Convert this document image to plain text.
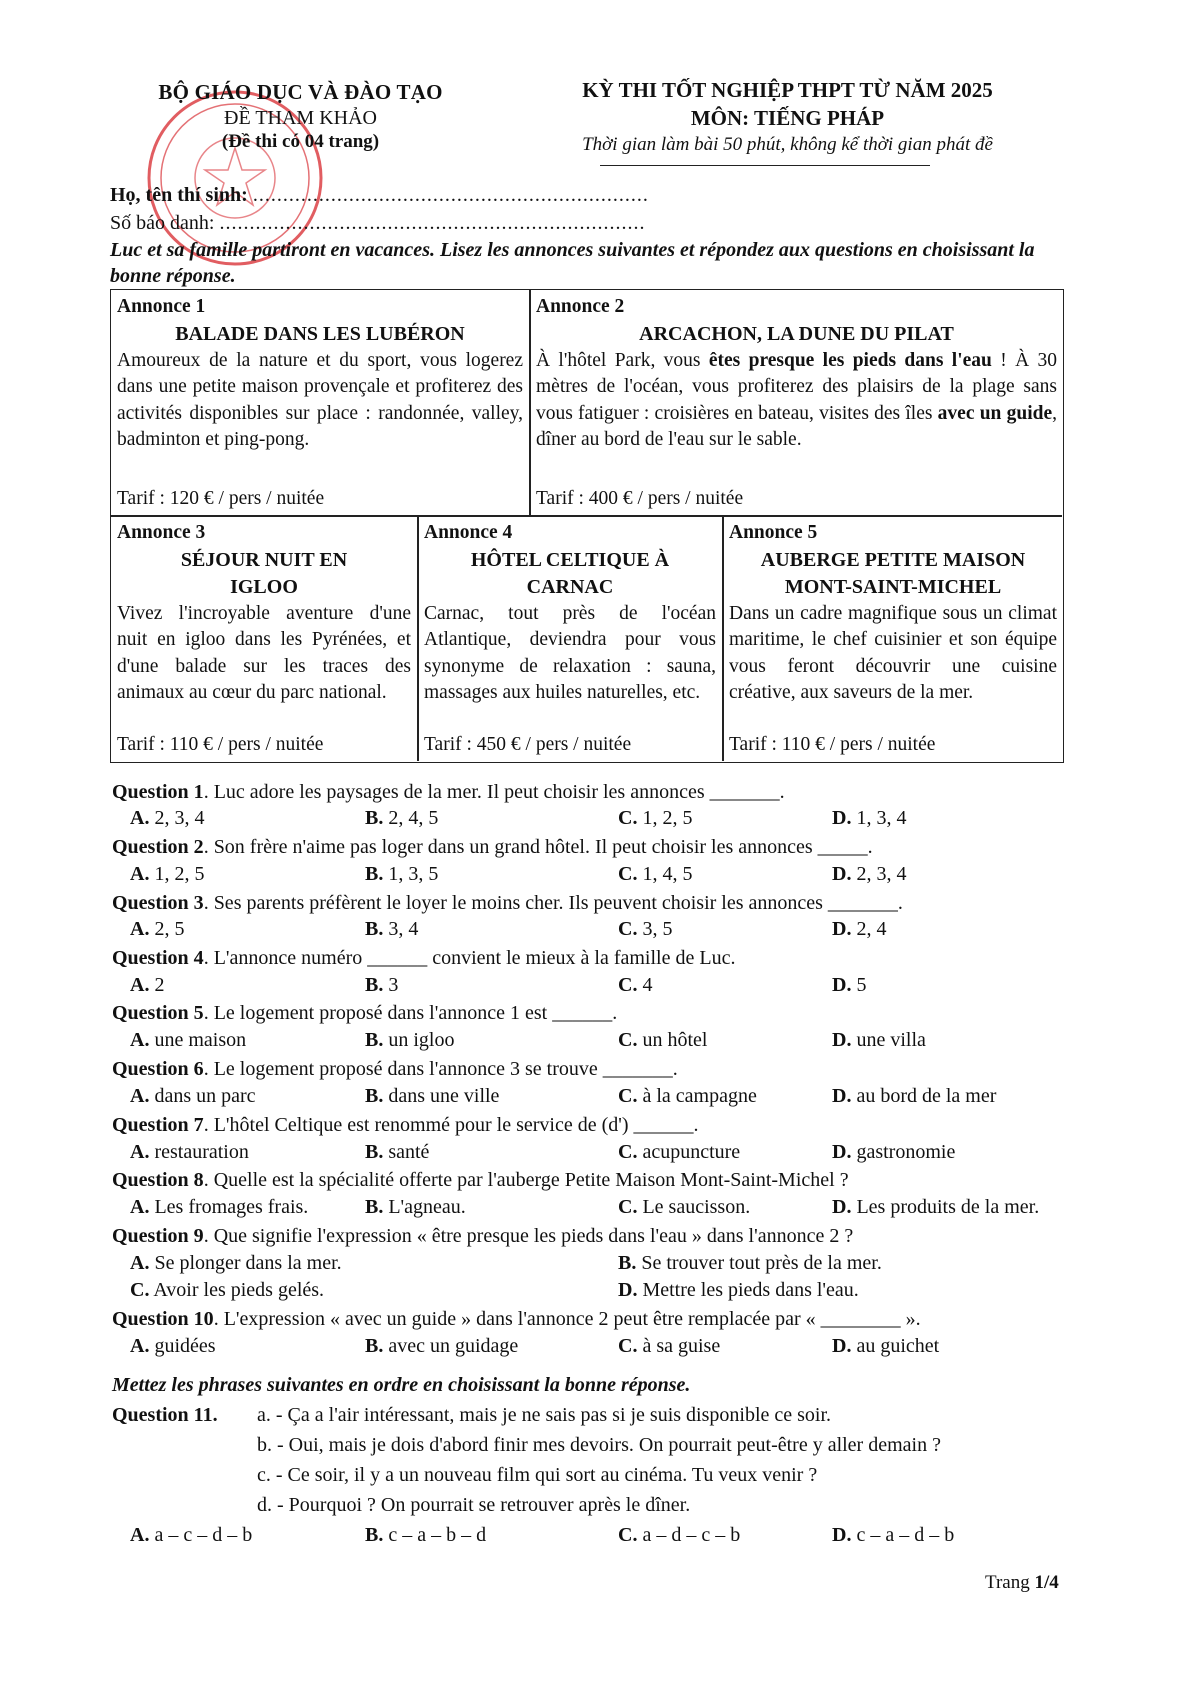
BỘ GIÁO DỤC VÀ ĐÀO TẠO
ĐỀ THAM KHẢO
(Đề thi có 04 trang)
KỲ THI TỐT NGHIỆP THPT TỪ NĂM 2025
MÔN: TIẾNG PHÁP
Thời gian làm bài 50 phút, không kể thời gian phát đề
Họ, tên thí sinh: ..................................................................
Số báo danh: .......................................................................
Luc et sa famille partiront en vacances. Lisez les annonces suivantes et répondez aux questions en choisissant la bonne réponse.
Annonce 1
BALADE DANS LES LUBÉRON
Amoureux de la nature et du sport, vous logerez dans une petite maison provençale et profiterez des activités disponibles sur place : randonnée, valley, badminton et ping-pong.
Tarif : 120 € / pers / nuitée
Annonce 2
ARCACHON, LA DUNE DU PILAT
À l'hôtel Park, vous êtes presque les pieds dans l'eau ! À 30 mètres de l'océan, vous profiterez des plaisirs de la plage sans vous fatiguer : croisières en bateau, visites des îles avec un guide, dîner au bord de l'eau sur le sable.
Tarif : 400 € / pers / nuitée
Annonce 3
SÉJOUR NUIT EN IGLOO
Vivez l'incroyable aventure d'une nuit en igloo dans les Pyrénées, et d'une balade sur les traces des animaux au cœur du parc national.
Tarif : 110 € / pers / nuitée
Annonce 4
HÔTEL CELTIQUE À CARNAC
Carnac, tout près de l'océan Atlantique, deviendra pour vous synonyme de relaxation : sauna, massages aux huiles naturelles, etc.
Tarif : 450 € / pers / nuitée
Annonce 5
AUBERGE PETITE MAISON MONT-SAINT-MICHEL
Dans un cadre magnifique sous un climat maritime, le chef cuisinier et son équipe vous feront découvrir une cuisine créative, aux saveurs de la mer.
Tarif : 110 € / pers / nuitée
Question 1. Luc adore les paysages de la mer. Il peut choisir les annonces _______.
A. 2, 3, 4	B. 2, 4, 5	C. 1, 2, 5	D. 1, 3, 4
Question 2. Son frère n'aime pas loger dans un grand hôtel. Il peut choisir les annonces _____.
A. 1, 2, 5	B. 1, 3, 5	C. 1, 4, 5	D. 2, 3, 4
Question 3. Ses parents préfèrent le loyer le moins cher. Ils peuvent choisir les annonces _______.
A. 2, 5	B. 3, 4	C. 3, 5	D. 2, 4
Question 4. L'annonce numéro ______ convient le mieux à la famille de Luc.
A. 2	B. 3	C. 4	D. 5
Question 5. Le logement proposé dans l'annonce 1 est ______.
A. une maison	B. un igloo	C. un hôtel	D. une villa
Question 6. Le logement proposé dans l'annonce 3 se trouve _______.
A. dans un parc	B. dans une ville	C. à la campagne	D. au bord de la mer
Question 7. L'hôtel Celtique est renommé pour le service de (d') ______.
A. restauration	B. santé	C. acupuncture	D. gastronomie
Question 8. Quelle est la spécialité offerte par l'auberge Petite Maison Mont-Saint-Michel ?
A. Les fromages frais.	B. L'agneau.	C. Le saucisson.	D. Les produits de la mer.
Question 9. Que signifie l'expression « être presque les pieds dans l'eau » dans l'annonce 2 ?
A. Se plonger dans la mer.	B. Se trouver tout près de la mer.
C. Avoir les pieds gelés.	D. Mettre les pieds dans l'eau.
Question 10. L'expression « avec un guide » dans l'annonce 2 peut être remplacée par « ________ ».
A. guidées	B. avec un guidage	C. à sa guise	D. au guichet
Mettez les phrases suivantes en ordre en choisissant la bonne réponse.
Question 11. a. - Ça a l'air intéressant, mais je ne sais pas si je suis disponible ce soir.
b. - Oui, mais je dois d'abord finir mes devoirs. On pourrait peut-être y aller demain ?
c. - Ce soir, il y a un nouveau film qui sort au cinéma. Tu veux venir ?
d. - Pourquoi ? On pourrait se retrouver après le dîner.
A. a – c – d – b	B. c – a – b – d	C. a – d – c – b	D. c – a – d – b
Trang 1/4
